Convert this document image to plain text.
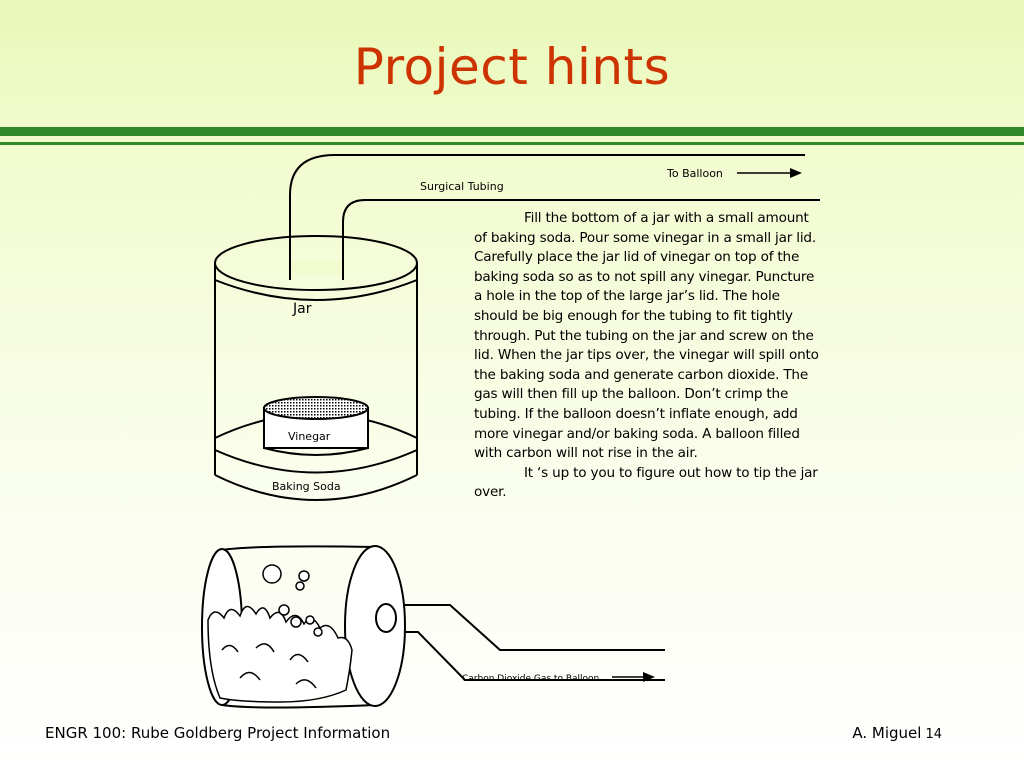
Project hints
To Balloon
Surgical Tubing
Jar
Vinegar
Baking Soda
Carbon Dioxide Gas to Balloon

Fill the bottom of a jar with a small amount of baking soda. Pour some vinegar in a small jar lid. Carefully place the jar lid of vinegar on top of the baking soda so as to not spill any vinegar. Puncture a hole in the top of the large jar’s lid. The hole should be big enough for the tubing to fit tightly through. Put the tubing on the jar and screw on the lid. When the jar tips over, the vinegar will spill onto the baking soda and generate carbon dioxide. The gas will then fill up the balloon. Don’t crimp the tubing. If the balloon doesn’t inflate enough, add more vinegar and/or baking soda. A balloon filled with carbon will not rise in the air.

It ‘s up to you to figure out how to tip the jar over.

ENGR 100: Rube Goldberg Project Information	A. Miguel 14
